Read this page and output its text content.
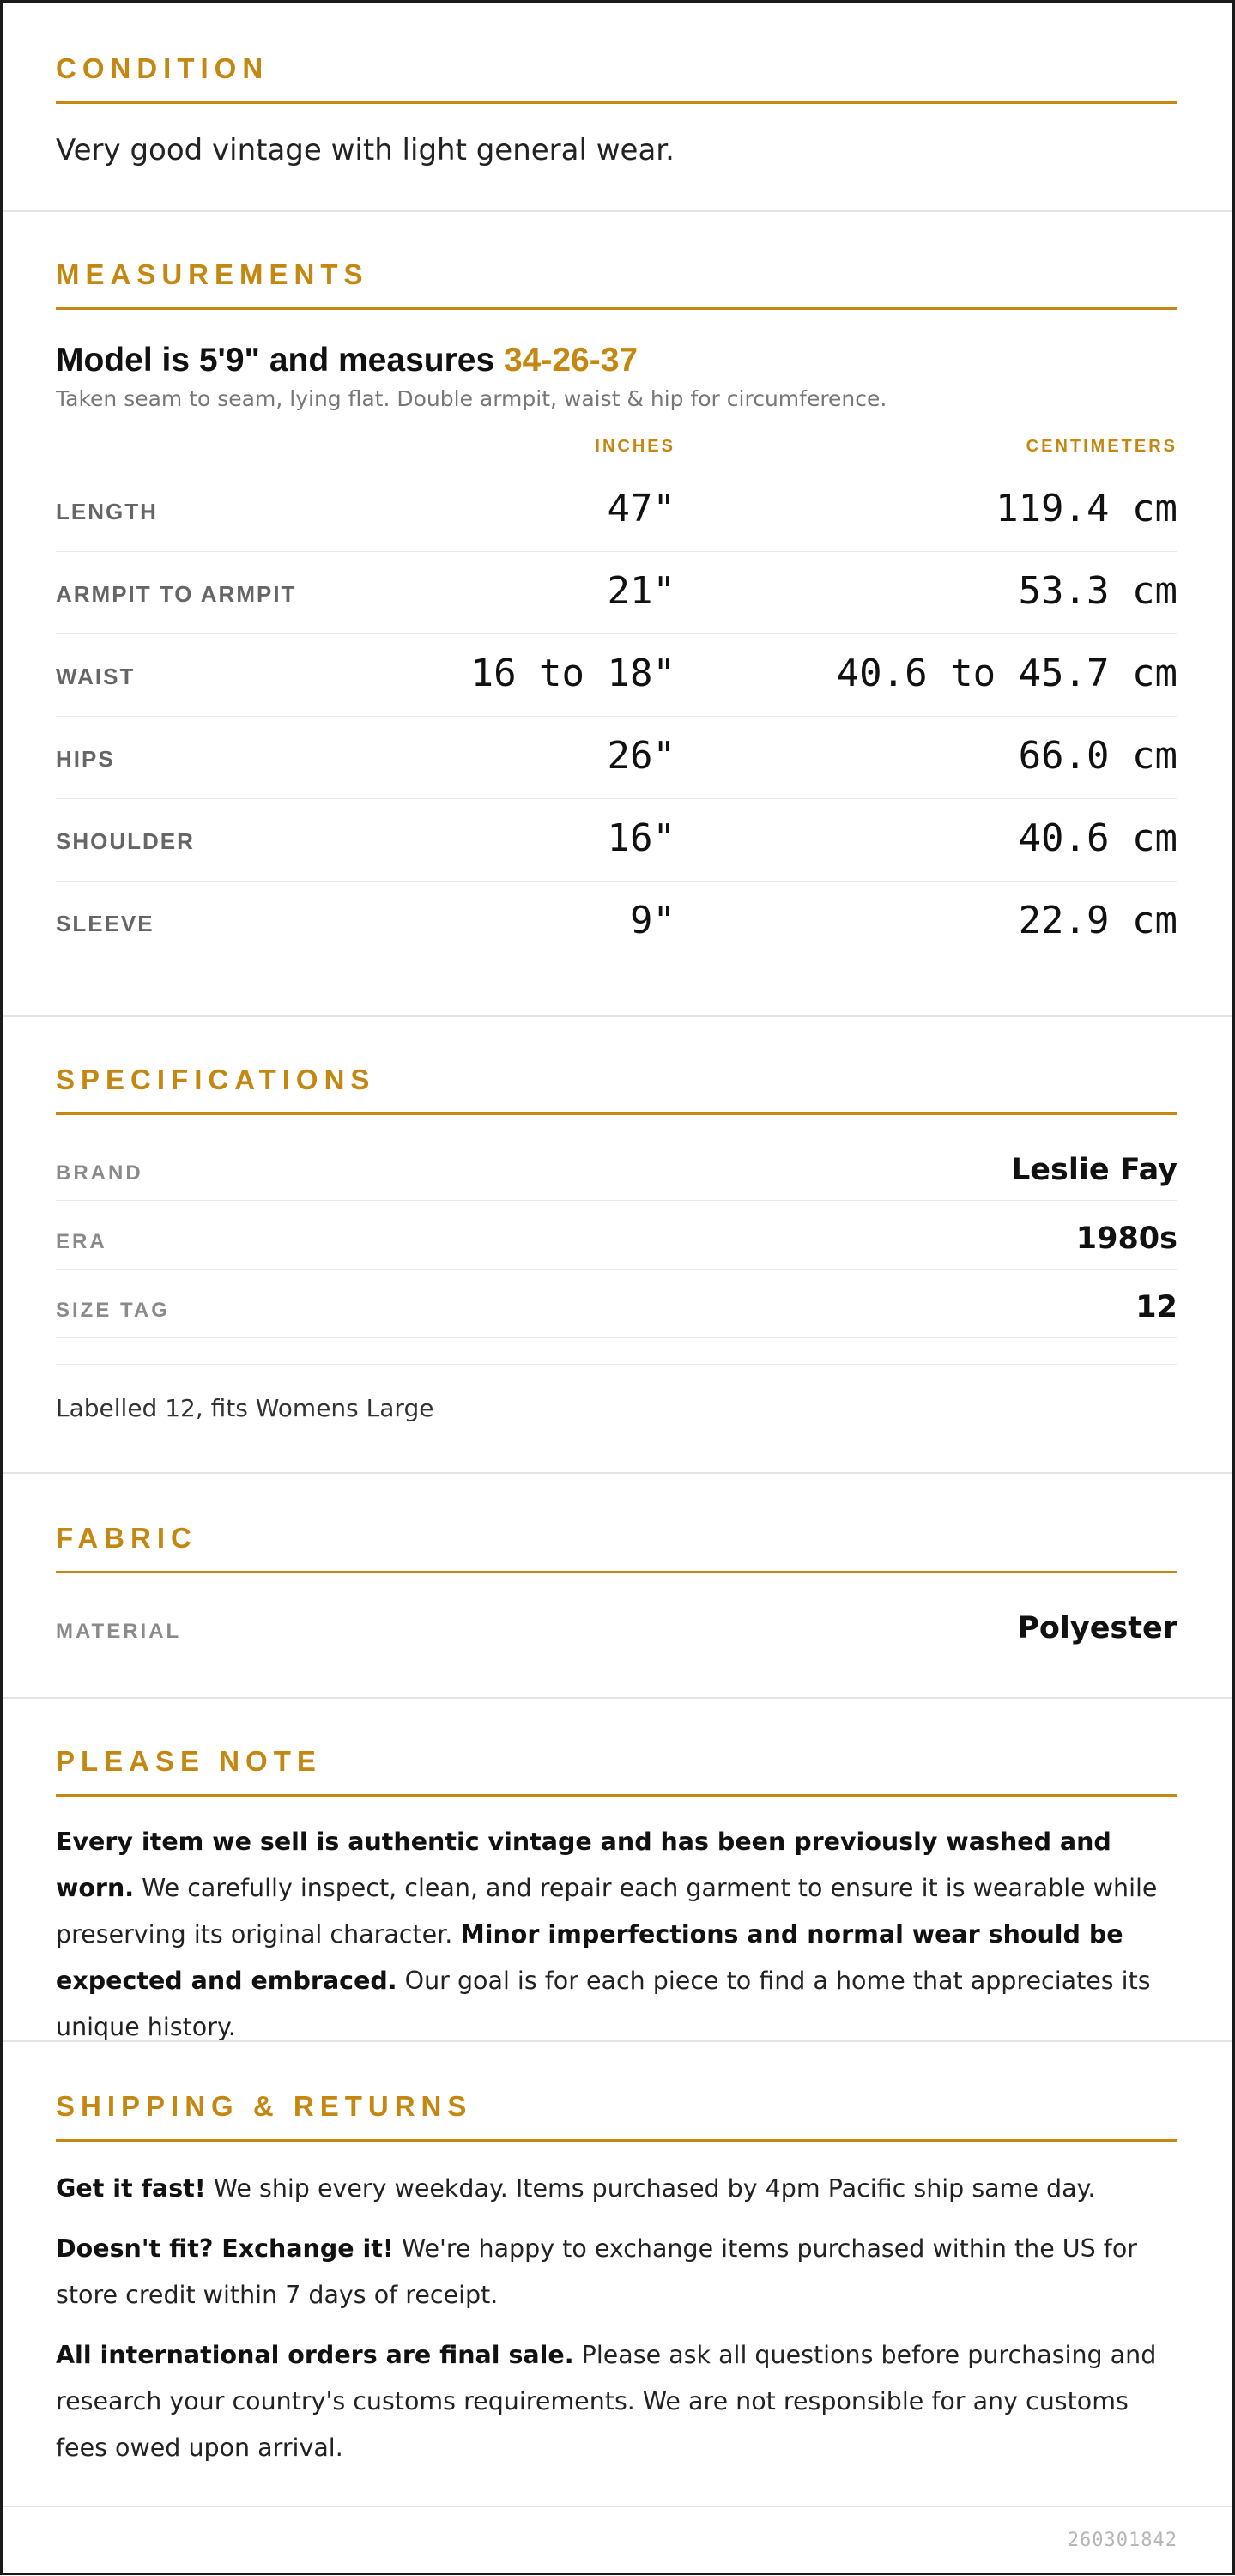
CONDITION
Very good vintage with light general wear.
MEASUREMENTS
Model is 5'9" and measures 34-26-37
Taken seam to seam, lying flat. Double armpit, waist & hip for circumference.
INCHES	CENTIMETERS
LENGTH	47"	119.4 cm
ARMPIT TO ARMPIT	21"	53.3 cm
WAIST	16 to 18"	40.6 to 45.7 cm
HIPS	26"	66.0 cm
SHOULDER	16"	40.6 cm
SLEEVE	9"	22.9 cm
SPECIFICATIONS
BRAND	Leslie Fay
ERA	1980s
SIZE TAG	12
Labelled 12, fits Womens Large
FABRIC
MATERIAL	Polyester
PLEASE NOTE
Every item we sell is authentic vintage and has been previously washed and worn. We carefully inspect, clean, and repair each garment to ensure it is wearable while preserving its original character. Minor imperfections and normal wear should be expected and embraced. Our goal is for each piece to find a home that appreciates its unique history.
SHIPPING & RETURNS
Get it fast! We ship every weekday. Items purchased by 4pm Pacific ship same day.
Doesn't fit? Exchange it! We're happy to exchange items purchased within the US for store credit within 7 days of receipt.
All international orders are final sale. Please ask all questions before purchasing and research your country's customs requirements. We are not responsible for any customs fees owed upon arrival.
260301842
